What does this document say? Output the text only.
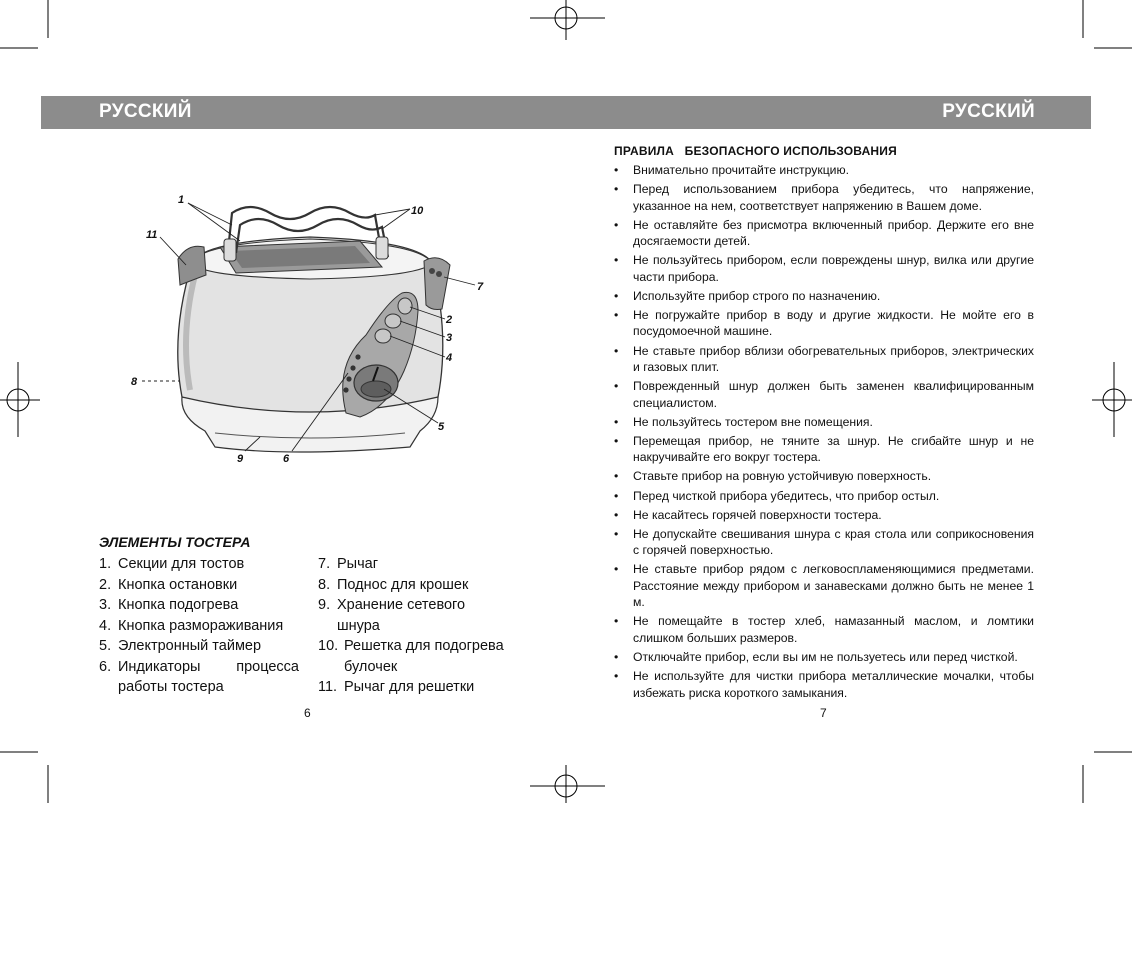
РУССКИЙ	РУССКИЙ
1
2
3
4
5
6
7
8
9
10
11
ЭЛЕМЕНТЫ ТОСТЕРА
1. Секции для тостов
2. Кнопка остановки
3. Кнопка подогрева
4. Кнопка размораживания
5. Электронный таймер
6. Индикаторы процесса работы тостера
7. Рычаг
8. Поднос для крошек
9. Хранение сетевого шнура
10. Решетка для подогрева булочек
11. Рычаг для решетки
6	7
ПРАВИЛА   БЕЗОПАСНОГО ИСПОЛЬЗОВАНИЯ
•	Внимательно прочитайте инструкцию.
•	Перед использованием прибора убедитесь, что напряжение, указанное на нем, соответствует напряжению в Вашем доме.
•	Не оставляйте без присмотра включенный прибор. Держите его вне досягаемости детей.
•	Не пользуйтесь прибором, если повреждены шнур, вилка или другие части прибора.
•	Используйте прибор строго по назначению.
•	Не погружайте прибор в воду и другие жидкости. Не мойте его в посудомоечной машине.
•	Не ставьте прибор вблизи обогревательных приборов, электрических и газовых плит.
•	Поврежденный шнур должен быть заменен квалифицированным специалистом.
•	Не пользуйтесь тостером вне помещения.
•	Перемещая прибор, не тяните за шнур. Не сгибайте шнур и не накручивайте его вокруг тостера.
•	Ставьте прибор на ровную устойчивую поверхность.
•	Перед чисткой прибора убедитесь, что прибор остыл.
•	Не касайтесь горячей поверхности тостера.
•	Не допускайте свешивания шнура с края стола или соприкосновения с горячей поверхностью.
•	Не ставьте прибор рядом с легковоспламеняющимися предметами. Расстояние между прибором и занавесками должно быть не менее 1 м.
•	Не помещайте в тостер хлеб, намазанный маслом, и ломтики слишком больших размеров.
•	Отключайте прибор, если вы им не пользуетесь или перед чисткой.
•	Не используйте для чистки прибора металлические мочалки, чтобы избежать риска короткого замыкания.
